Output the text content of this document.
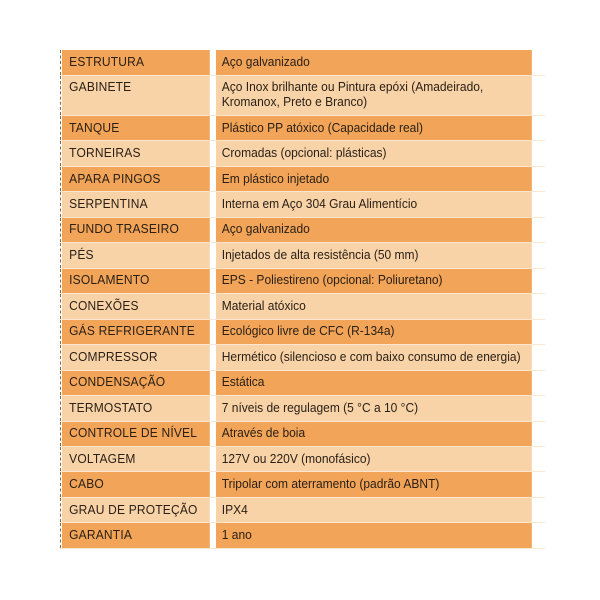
ESTRUTURA	Aço galvanizado
GABINETE	Aço Inox brilhante ou Pintura epóxi (Amadeirado, Kromanox, Preto e Branco)
TANQUE	Plástico PP atóxico (Capacidade real)
TORNEIRAS	Cromadas (opcional: plásticas)
APARA PINGOS	Em plástico injetado
SERPENTINA	Interna em Aço 304 Grau Alimentício
FUNDO TRASEIRO	Aço galvanizado
PÉS	Injetados de alta resistência (50 mm)
ISOLAMENTO	EPS - Poliestireno (opcional: Poliuretano)
CONEXÕES	Material atóxico
GÁS REFRIGERANTE	Ecológico livre de CFC (R-134a)
COMPRESSOR	Hermético (silencioso e com baixo consumo de energia)
CONDENSAÇÃO	Estática
TERMOSTATO	7 níveis de regulagem (5 °C a 10 °C)
CONTROLE DE NÍVEL	Através de boia
VOLTAGEM	127V ou 220V (monofásico)
CABO	Tripolar com aterramento (padrão ABNT)
GRAU DE PROTEÇÃO	IPX4
GARANTIA	1 ano
